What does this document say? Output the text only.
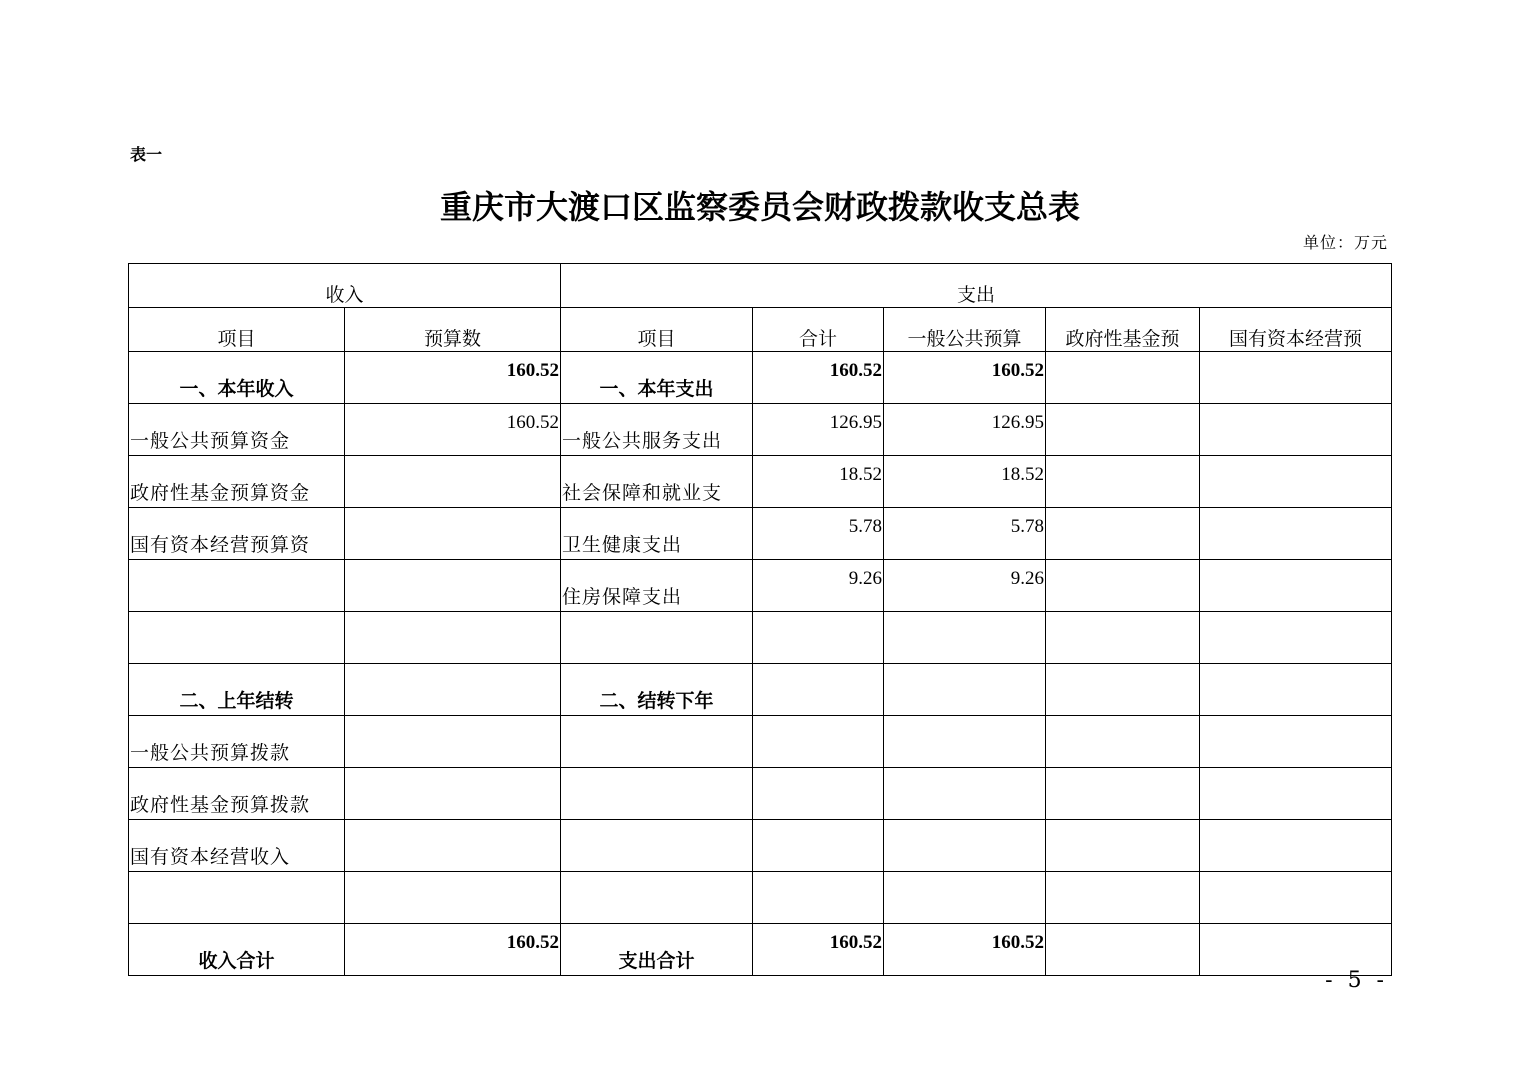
表一
重庆市大渡口区监察委员会财政拨款收支总表
单位：万元
收入		支出				
项目	预算数	项目	合计	一般公共预算	政府性基金预	国有资本经营预
一、本年收入	160.52	一、本年支出	160.52	160.52		
一般公共预算资金	160.52	一般公共服务支出	126.95	126.95		
政府性基金预算资金		社会保障和就业支	18.52	18.52		
国有资本经营预算资		卫生健康支出	5.78	5.78		
		住房保障支出	9.26	9.26		

二、上年结转		二、结转下年				
一般公共预算拨款						
政府性基金预算拨款						
国有资本经营收入						

收入合计	160.52	支出合计	160.52	160.52		
- 5 -
